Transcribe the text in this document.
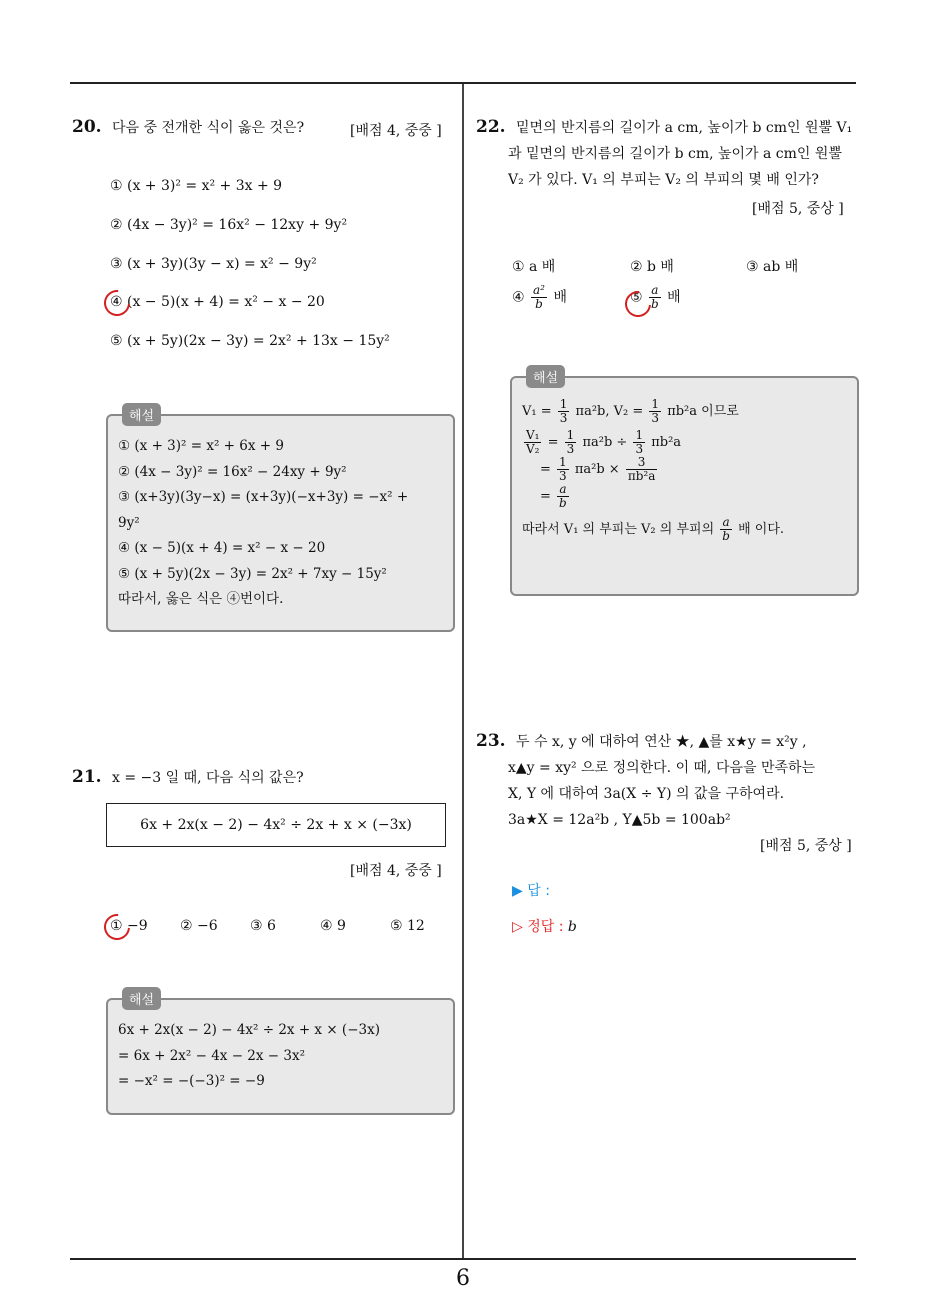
20. 다음 중 전개한 식이 옳은 것은?	[배점 4, 중중 ]
① (x + 3)² = x² + 3x + 9
② (4x − 3y)² = 16x² − 12xy + 9y²
③ (x + 3y)(3y − x) = x² − 9y²
④ (x − 5)(x + 4) = x² − x − 20
⑤ (x + 5y)(2x − 3y) = 2x² + 13x − 15y²
해설
① (x + 3)² = x² + 6x + 9
② (4x − 3y)² = 16x² − 24xy + 9y²
③ (x+3y)(3y−x) = (x+3y)(−x+3y) = −x² +
9y²
④ (x − 5)(x + 4) = x² − x − 20
⑤ (x + 5y)(2x − 3y) = 2x² + 7xy − 15y²
따라서, 옳은 식은 ④번이다.
21. x = −3 일 때, 다음 식의 값은?
6x + 2x(x − 2) − 4x² ÷ 2x + x × (−3x)
[배점 4, 중중 ]
① −9 ② −6 ③ 6	④ 9	⑤ 12
해설
6x + 2x(x − 2) − 4x² ÷ 2x + x × (−3x)
= 6x + 2x² − 4x − 2x − 3x²
= −x² = −(−3)² = −9
22. 밑면의 반지름의 길이가 a cm, 높이가 b cm인 원뿔 V₁
과 밑면의 반지름의 길이가 b cm, 높이가 a cm인 원뿔
V₂ 가 있다. V₁ 의 부피는 V₂ 의 부피의 몇 배 인가?
[배점 5, 중상 ]
① a 배	② b 배	③ ab 배
④ $\frac{\text{a²}}{b}$ 배	⑤ $\frac{a}{b}$ 배
해설
$V_1 = \frac{1}{3} \pi a^2b$, $V_2 = \frac{1}{3} \pi b^2a$ 이므로
$\frac{\text{V₁}}{\text{V₂}} = \frac{1}{3} \pi a^2b \div \frac{1}{3} \pi b^2a$
= $\frac{1}{3} \pi a^2b \times \frac{3}{\text{πb²a}}$
= $\frac{a}{b}$
따라서 V₁ 의 부피는 V₂ 의 부피의 $\frac{a}{b}$ 배 이다.
23. 두 수 x, y 에 대하여 연산 ★, ▲를 x★y = x²y ,
x▲y = xy² 으로 정의한다. 이 때, 다음을 만족하는
X, Y 에 대하여 3a(X ÷ Y) 의 값을 구하여라.
3a★X = 12a²b , Y▲5b = 100ab²
[배점 5, 중상 ]
▶ 답 :
▷ 정답 : b
6
